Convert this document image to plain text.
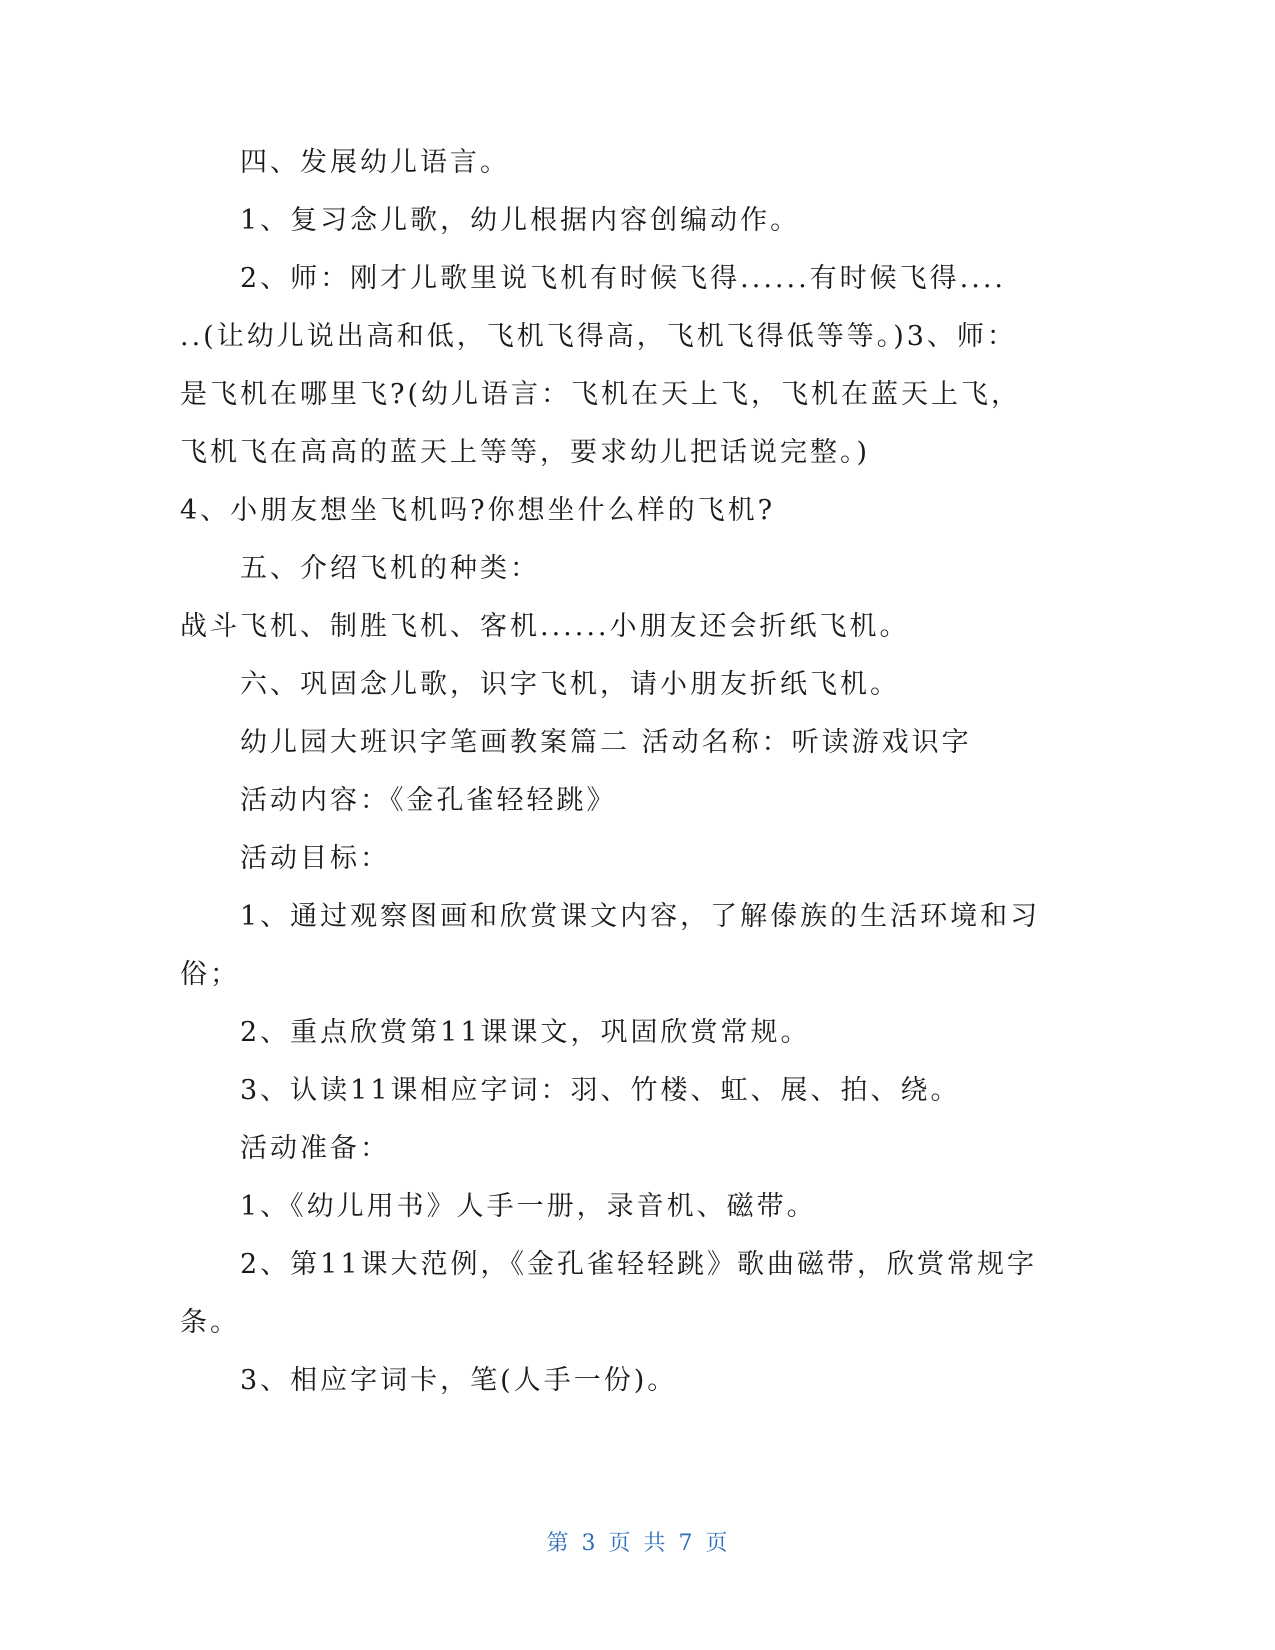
四、发展幼儿语言。
1、复习念儿歌，幼儿根据内容创编动作。
2、师：刚才儿歌里说飞机有时候飞得......有时候飞得....
..(让幼儿说出高和低，飞机飞得高，飞机飞得低等等。)3、师：
是飞机在哪里飞?(幼儿语言：飞机在天上飞，飞机在蓝天上飞，
飞机飞在高高的蓝天上等等，要求幼儿把话说完整。)
4、小朋友想坐飞机吗?你想坐什么样的飞机?
五、介绍飞机的种类：
战斗飞机、制胜飞机、客机......小朋友还会折纸飞机。
六、巩固念儿歌，识字飞机，请小朋友折纸飞机。
幼儿园大班识字笔画教案篇二 活动名称：听读游戏识字
活动内容：《金孔雀轻轻跳》
活动目标：
1、通过观察图画和欣赏课文内容，了解傣族的生活环境和习
俗；
2、重点欣赏第11课课文，巩固欣赏常规。
3、认读11课相应字词：羽、竹楼、虹、展、拍、绕。
活动准备：
1、《幼儿用书》人手一册，录音机、磁带。
2、第11课大范例，《金孔雀轻轻跳》歌曲磁带，欣赏常规字
条。
3、相应字词卡，笔(人手一份)。
第 3 页 共 7 页
